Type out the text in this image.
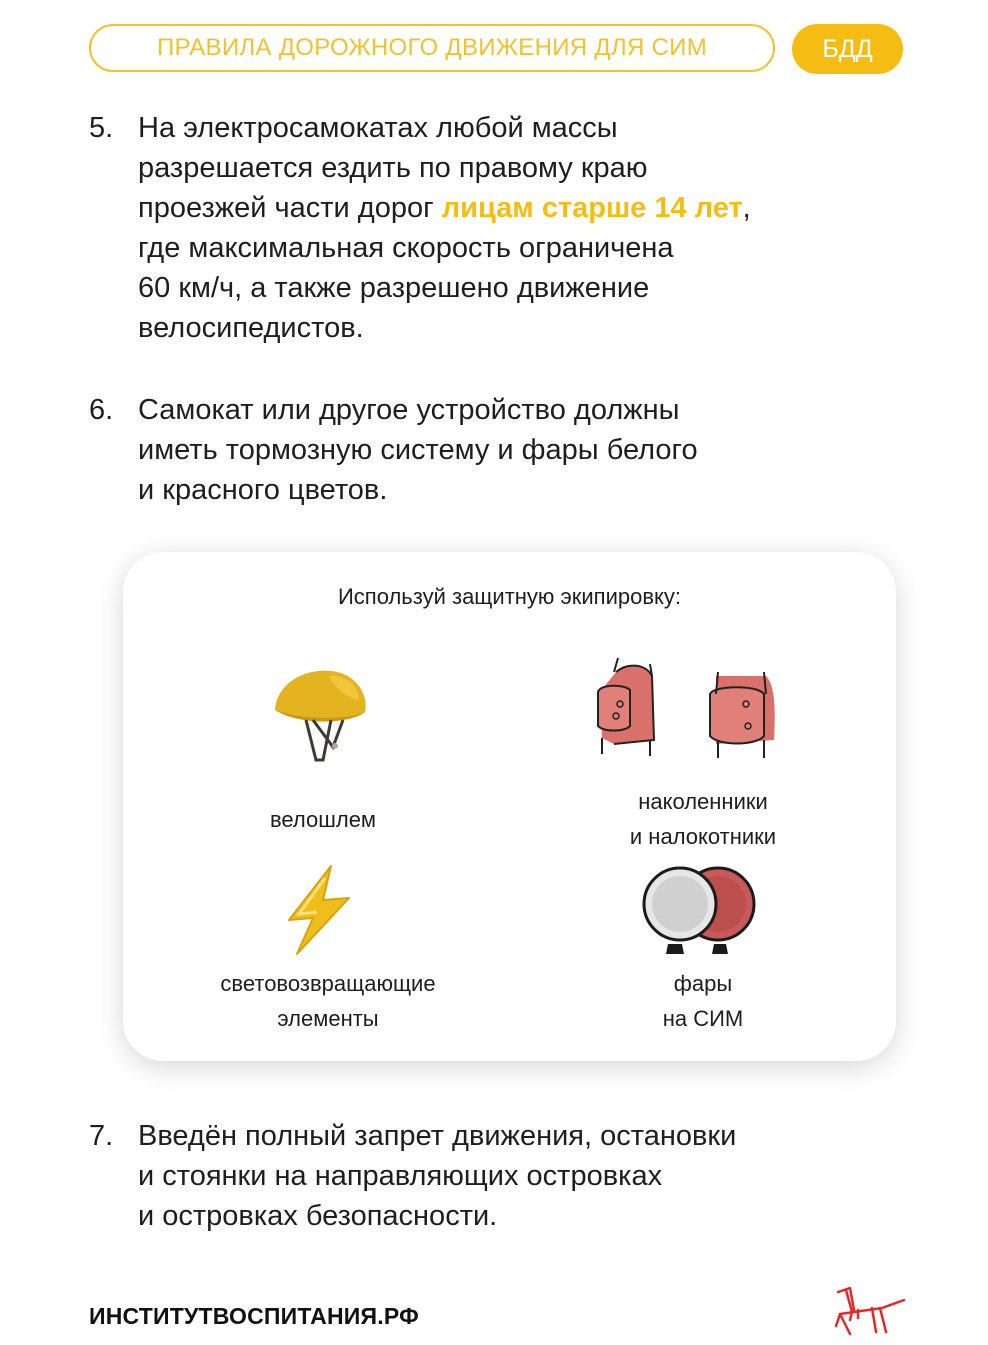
ПРАВИЛА ДОРОЖНОГО ДВИЖЕНИЯ ДЛЯ СИМ	БДД
5. На электросамокатах любой массы
разрешается ездить по правому краю
проезжей части дорог лицам старше 14 лет,
где максимальная скорость ограничена
60 км/ч, а также разрешено движение
велосипедистов.
6. Самокат или другое устройство должны
иметь тормозную систему и фары белого
и красного цветов.
Используй защитную экипировку:
велошлем
наколенники
и налокотники
световозвращающие
элементы
фары
на СИМ
7. Введён полный запрет движения, остановки
и стоянки на направляющих островках
и островках безопасности.
ИНСТИТУТВОСПИТАНИЯ.РФ
